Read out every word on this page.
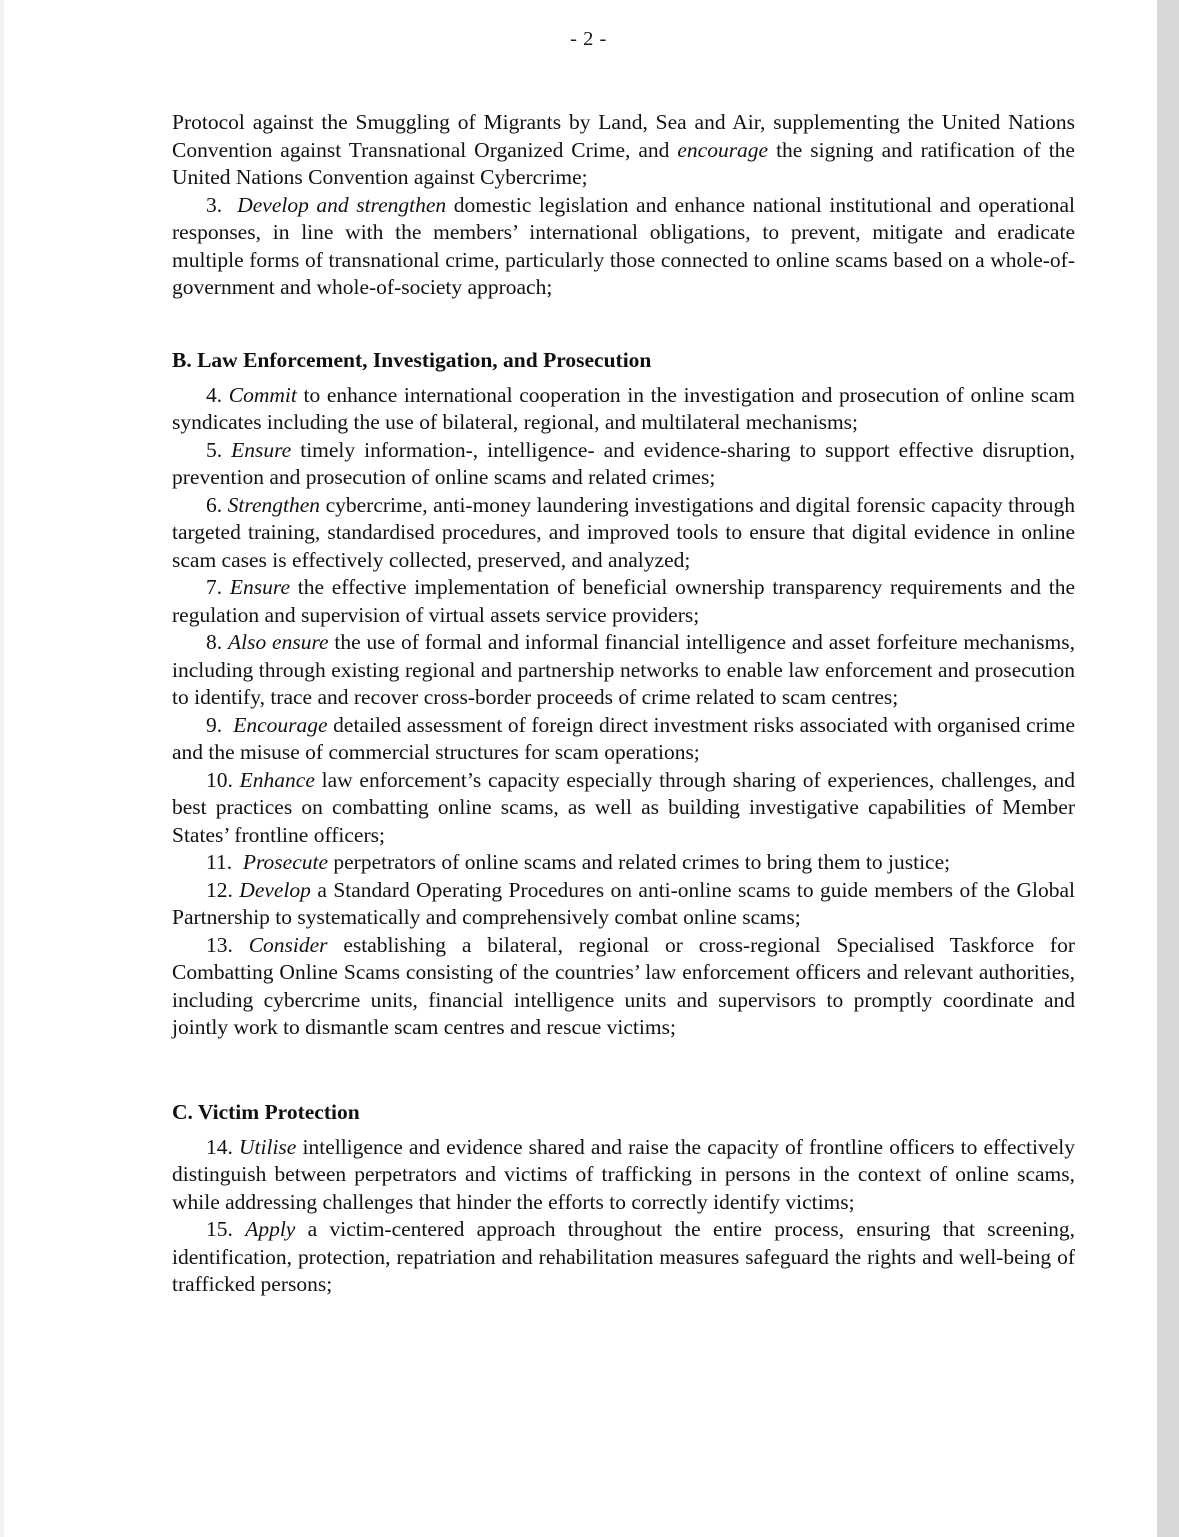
- 2 -

Protocol against the Smuggling of Migrants by Land, Sea and Air, supplementing the United Nations Convention against Transnational Organized Crime, and encourage the signing and ratification of the United Nations Convention against Cybercrime;

3. Develop and strengthen domestic legislation and enhance national institutional and operational responses, in line with the members’ international obligations, to prevent, mitigate and eradicate multiple forms of transnational crime, particularly those connected to online scams based on a whole-of-government and whole-of-society approach;

B. Law Enforcement, Investigation, and Prosecution

4. Commit to enhance international cooperation in the investigation and prosecution of online scam syndicates including the use of bilateral, regional, and multilateral mechanisms;

5. Ensure timely information-, intelligence- and evidence-sharing to support effective disruption, prevention and prosecution of online scams and related crimes;

6. Strengthen cybercrime, anti-money laundering investigations and digital forensic capacity through targeted training, standardised procedures, and improved tools to ensure that digital evidence in online scam cases is effectively collected, preserved, and analyzed;

7. Ensure the effective implementation of beneficial ownership transparency requirements and the regulation and supervision of virtual assets service providers;

8. Also ensure the use of formal and informal financial intelligence and asset forfeiture mechanisms, including through existing regional and partnership networks to enable law enforcement and prosecution to identify, trace and recover cross-border proceeds of crime related to scam centres;

9. Encourage detailed assessment of foreign direct investment risks associated with organised crime and the misuse of commercial structures for scam operations;

10. Enhance law enforcement’s capacity especially through sharing of experiences, challenges, and best practices on combatting online scams, as well as building investigative capabilities of Member States’ frontline officers;

11. Prosecute perpetrators of online scams and related crimes to bring them to justice;

12. Develop a Standard Operating Procedures on anti-online scams to guide members of the Global Partnership to systematically and comprehensively combat online scams;

13. Consider establishing a bilateral, regional or cross-regional Specialised Taskforce for Combatting Online Scams consisting of the countries’ law enforcement officers and relevant authorities, including cybercrime units, financial intelligence units and supervisors to promptly coordinate and jointly work to dismantle scam centres and rescue victims;

C. Victim Protection

14. Utilise intelligence and evidence shared and raise the capacity of frontline officers to effectively distinguish between perpetrators and victims of trafficking in persons in the context of online scams, while addressing challenges that hinder the efforts to correctly identify victims;

15. Apply a victim-centered approach throughout the entire process, ensuring that screening, identification, protection, repatriation and rehabilitation measures safeguard the rights and well-being of trafficked persons;
